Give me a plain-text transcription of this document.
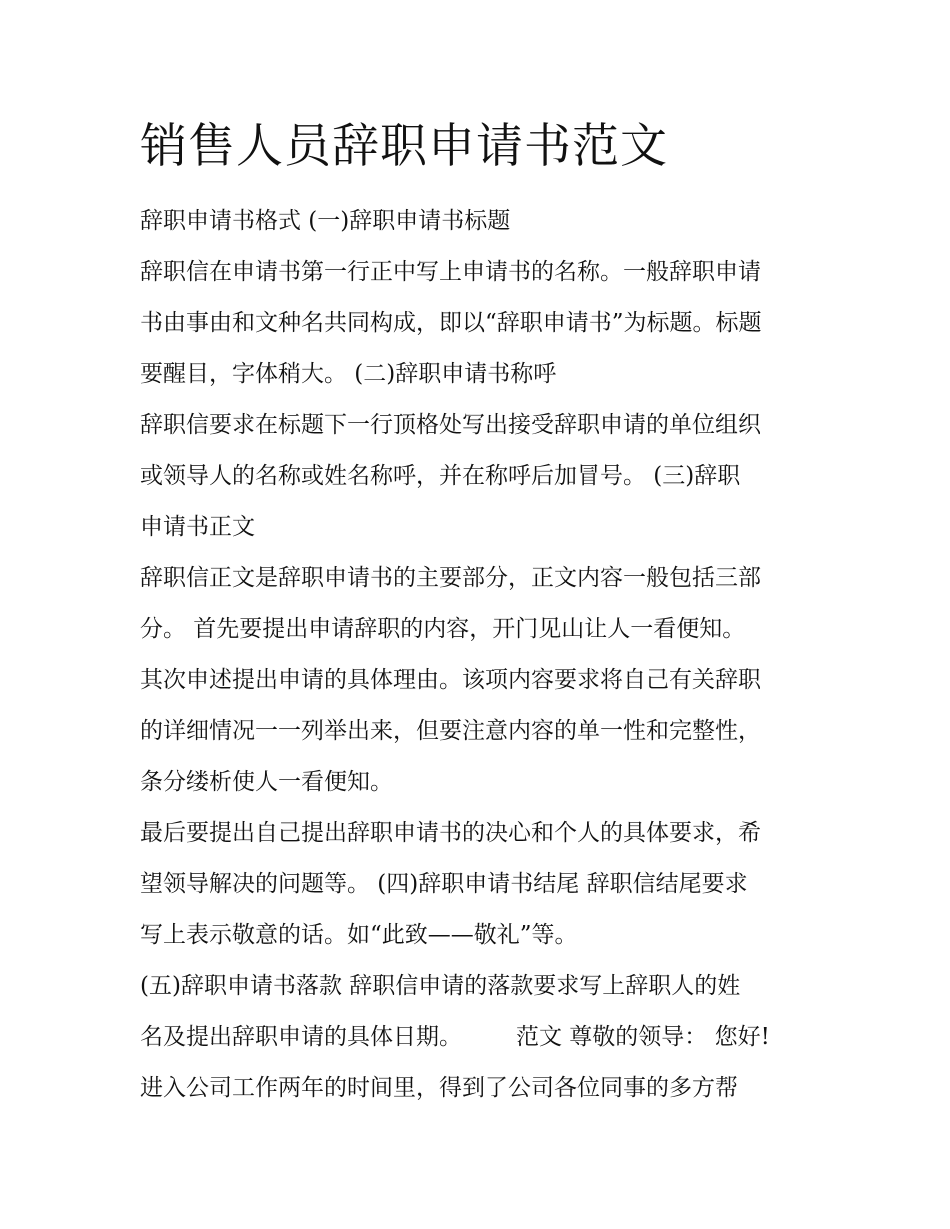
销售人员辞职申请书范文
辞职申请书格式 (一)辞职申请书标题
辞职信在申请书第一行正中写上申请书的名称。一般辞职申请
书由事由和文种名共同构成，即以“辞职申请书”为标题。标题
要醒目，字体稍大。 (二)辞职申请书称呼
辞职信要求在标题下一行顶格处写出接受辞职申请的单位组织
或领导人的名称或姓名称呼，并在称呼后加冒号。 (三)辞职
申请书正文
辞职信正文是辞职申请书的主要部分，正文内容一般包括三部
分。 首先要提出申请辞职的内容，开门见山让人一看便知。
其次申述提出申请的具体理由。该项内容要求将自己有关辞职
的详细情况一一列举出来，但要注意内容的单一性和完整性，
条分缕析使人一看便知。
最后要提出自己提出辞职申请书的决心和个人的具体要求，希
望领导解决的问题等。 (四)辞职申请书结尾 辞职信结尾要求
写上表示敬意的话。如“此致——敬礼”等。
(五)辞职申请书落款 辞职信申请的落款要求写上辞职人的姓
名及提出辞职申请的具体日期。 范文 尊敬的领导： 您好!
进入公司工作两年的时间里，得到了公司各位同事的多方帮
